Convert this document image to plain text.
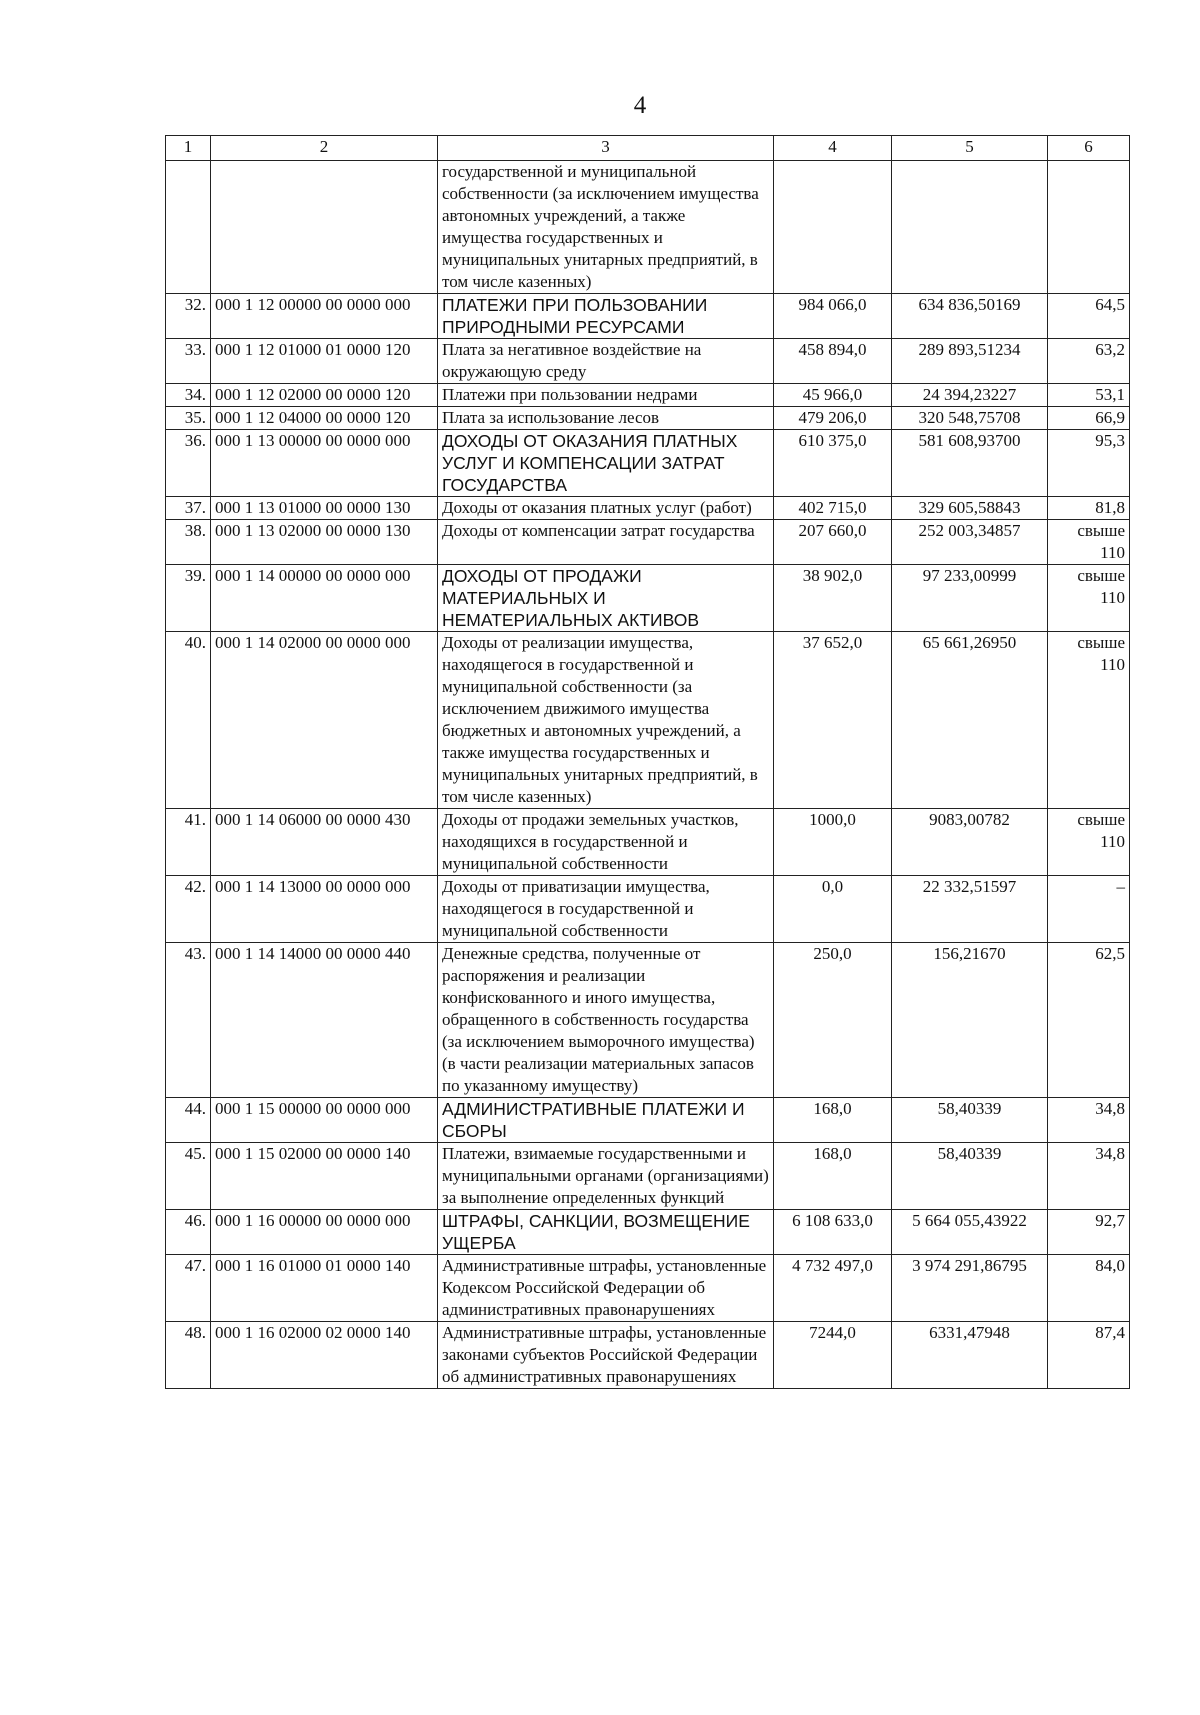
4
1	2	3	4	5	6
		государственной и муниципальной собственности (за исключением имущества автономных учреждений, а также имущества государственных и муниципальных унитарных предприятий, в том числе казенных)			
32.	000 1 12 00000 00 0000 000	ПЛАТЕЖИ ПРИ ПОЛЬЗОВАНИИ ПРИРОДНЫМИ РЕСУРСАМИ	984 066,0	634 836,50169	64,5
33.	000 1 12 01000 01 0000 120	Плата за негативное воздействие на окружающую среду	458 894,0	289 893,51234	63,2
34.	000 1 12 02000 00 0000 120	Платежи при пользовании недрами	45 966,0	24 394,23227	53,1
35.	000 1 12 04000 00 0000 120	Плата за использование лесов	479 206,0	320 548,75708	66,9
36.	000 1 13 00000 00 0000 000	ДОХОДЫ ОТ ОКАЗАНИЯ ПЛАТНЫХ УСЛУГ И КОМПЕНСАЦИИ ЗАТРАТ ГОСУДАРСТВА	610 375,0	581 608,93700	95,3
37.	000 1 13 01000 00 0000 130	Доходы от оказания платных услуг (работ)	402 715,0	329 605,58843	81,8
38.	000 1 13 02000 00 0000 130	Доходы от компенсации затрат государства	207 660,0	252 003,34857	свыше 110
39.	000 1 14 00000 00 0000 000	ДОХОДЫ ОТ ПРОДАЖИ МАТЕРИАЛЬНЫХ И НЕМАТЕРИАЛЬНЫХ АКТИВОВ	38 902,0	97 233,00999	свыше 110
40.	000 1 14 02000 00 0000 000	Доходы от реализации имущества, находящегося в государственной и муниципальной собственности (за исключением движимого имущества бюджетных и автономных учреждений, а также имущества государственных и муниципальных унитарных предприятий, в том числе казенных)	37 652,0	65 661,26950	свыше 110
41.	000 1 14 06000 00 0000 430	Доходы от продажи земельных участков, находящихся в государственной и муниципальной собственности	1000,0	9083,00782	свыше 110
42.	000 1 14 13000 00 0000 000	Доходы от приватизации имущества, находящегося в государственной и муниципальной собственности	0,0	22 332,51597	–
43.	000 1 14 14000 00 0000 440	Денежные средства, полученные от распоряжения и реализации конфискованного и иного имущества, обращенного в собственность государства (за исключением выморочного имущества) (в части реализации материальных запасов по указанному имуществу)	250,0	156,21670	62,5
44.	000 1 15 00000 00 0000 000	АДМИНИСТРАТИВНЫЕ ПЛАТЕЖИ И СБОРЫ	168,0	58,40339	34,8
45.	000 1 15 02000 00 0000 140	Платежи, взимаемые государственными и муниципальными органами (организациями) за выполнение определенных функций	168,0	58,40339	34,8
46.	000 1 16 00000 00 0000 000	ШТРАФЫ, САНКЦИИ, ВОЗМЕЩЕНИЕ УЩЕРБА	6 108 633,0	5 664 055,43922	92,7
47.	000 1 16 01000 01 0000 140	Административные штрафы, установленные Кодексом Российской Федерации об административных правонарушениях	4 732 497,0	3 974 291,86795	84,0
48.	000 1 16 02000 02 0000 140	Административные штрафы, установленные законами субъектов Российской Федерации об административных правонарушениях	7244,0	6331,47948	87,4
